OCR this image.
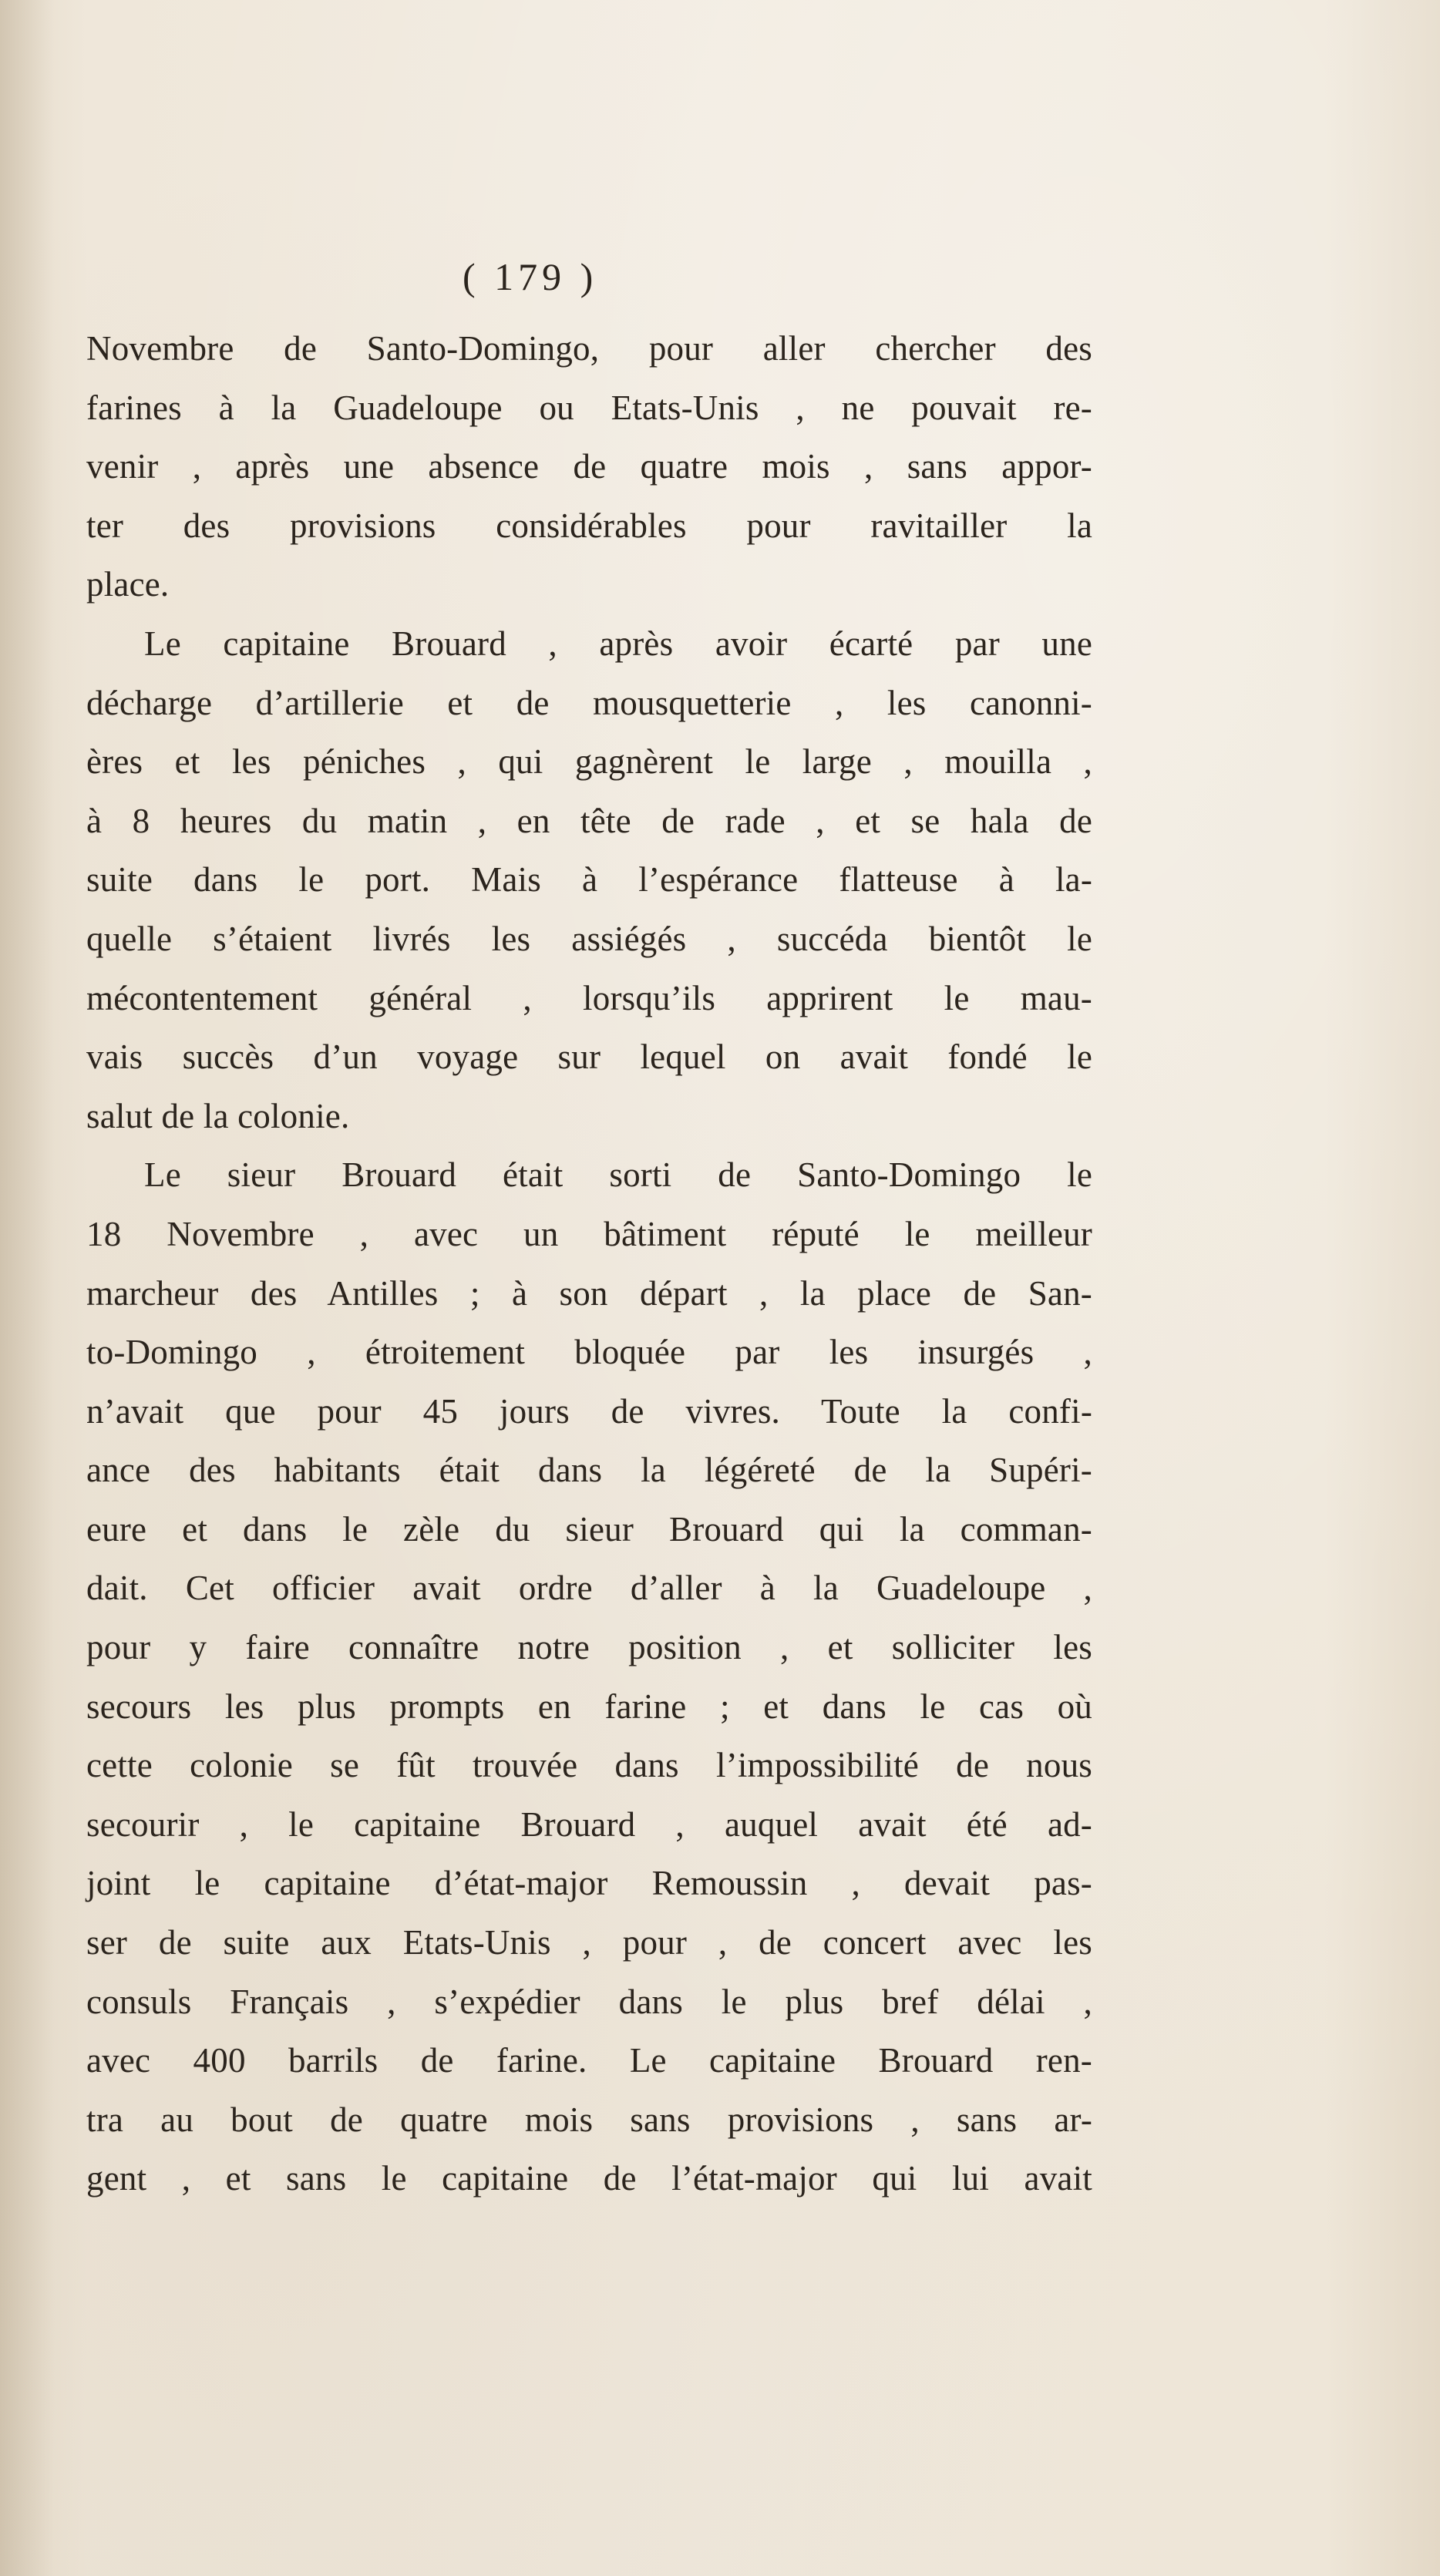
( 179 )
Novembre de Santo-Domingo, pour aller chercher des
farines à la Guadeloupe ou Etats-Unis , ne pouvait re-
venir , après une absence de quatre mois , sans appor-
ter des provisions considérables pour ravitailler la
place.
Le capitaine Brouard , après avoir écarté par une
décharge d’artillerie et de mousquetterie , les canonni-
ères et les péniches , qui gagnèrent le large , mouilla ,
à 8 heures du matin , en tête de rade , et se hala de
suite dans le port. Mais à l’espérance flatteuse à la-
quelle s’étaient livrés les assiégés , succéda bientôt le
mécontentement général , lorsqu’ils apprirent le mau-
vais succès d’un voyage sur lequel on avait fondé le
salut de la colonie.
Le sieur Brouard était sorti de Santo-Domingo le
18 Novembre , avec un bâtiment réputé le meilleur
marcheur des Antilles ; à son départ , la place de San-
to-Domingo , étroitement bloquée par les insurgés ,
n’avait que pour 45 jours de vivres. Toute la confi-
ance des habitants était dans la légéreté de la Supéri-
eure et dans le zèle du sieur Brouard qui la comman-
dait. Cet officier avait ordre d’aller à la Guadeloupe ,
pour y faire connaître notre position , et solliciter les
secours les plus prompts en farine ; et dans le cas où
cette colonie se fût trouvée dans l’impossibilité de nous
secourir , le capitaine Brouard , auquel avait été ad-
joint le capitaine d’état-major Remoussin , devait pas-
ser de suite aux Etats-Unis , pour , de concert avec les
consuls Français , s’expédier dans le plus bref délai ,
avec 400 barrils de farine. Le capitaine Brouard ren-
tra au bout de quatre mois sans provisions , sans ar-
gent , et sans le capitaine de l’état-major qui lui avait
